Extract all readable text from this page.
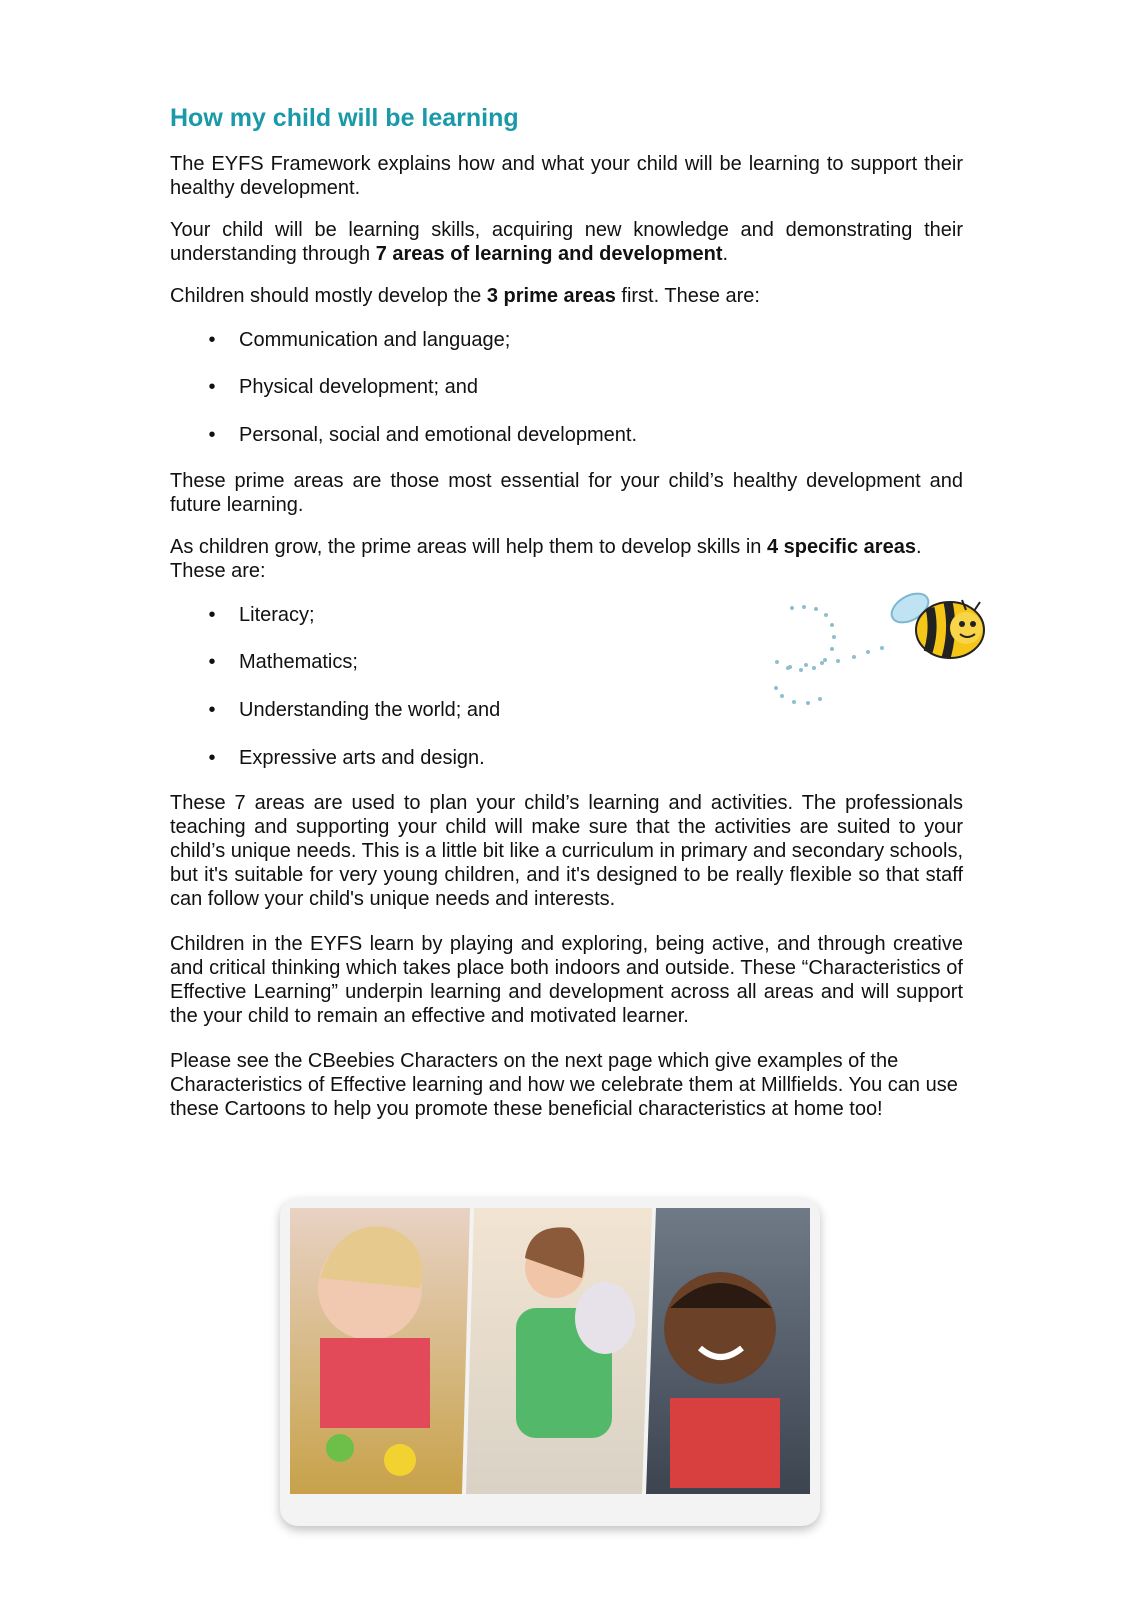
How my child will be learning

The EYFS Framework explains how and what your child will be learning to support their healthy development.

Your child will be learning skills, acquiring new knowledge and demonstrating their understanding through 7 areas of learning and development.

Children should mostly develop the 3 prime areas first. These are:

• Communication and language;
• Physical development; and
• Personal, social and emotional development.

These prime areas are those most essential for your child’s healthy development and future learning.

As children grow, the prime areas will help them to develop skills in 4 specific areas. These are:

• Literacy;
• Mathematics;
• Understanding the world; and
• Expressive arts and design.

These 7 areas are used to plan your child’s learning and activities. The professionals teaching and supporting your child will make sure that the activities are suited to your child’s unique needs. This is a little bit like a curriculum in primary and secondary schools, but it's suitable for very young children, and it's designed to be really flexible so that staff can follow your child's unique needs and interests.

Children in the EYFS learn by playing and exploring, being active, and through creative and critical thinking which takes place both indoors and outside. These “Characteristics of Effective Learning” underpin learning and development across all areas and will support the your child to remain an effective and motivated learner.

Please see the CBeebies Characters on the next page which give examples of the Characteristics of Effective learning and how we celebrate them at Millfields. You can use these Cartoons to help you promote these beneficial characteristics at home too!
